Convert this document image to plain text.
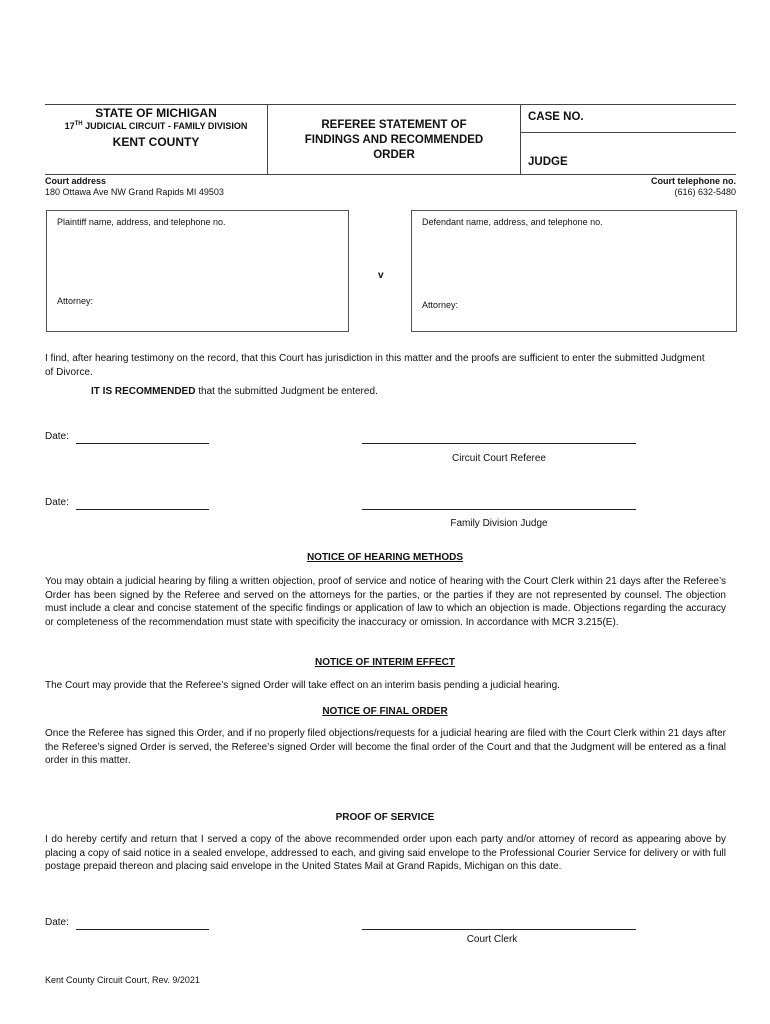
STATE OF MICHIGAN
17TH JUDICIAL CIRCUIT - FAMILY DIVISION
KENT COUNTY
REFEREE STATEMENT OF
FINDINGS AND RECOMMENDED
ORDER
CASE NO.
JUDGE
Court address
180 Ottawa Ave NW Grand Rapids MI 49503
Court telephone no.
(616) 632-5480
Plaintiff name, address, and telephone no.
Attorney:
v
Defendant name, address, and telephone no.
Attorney:
I find, after hearing testimony on the record, that this Court has jurisdiction in this matter and the proofs are sufficient to enter the submitted Judgment of Divorce.
IT IS RECOMMENDED that the submitted Judgment be entered.
Date:
Circuit Court Referee
Date:
Family Division Judge
NOTICE OF HEARING METHODS
You may obtain a judicial hearing by filing a written objection, proof of service and notice of hearing with the Court Clerk within 21 days after the Referee’s Order has been signed by the Referee and served on the attorneys for the parties, or the parties if they are not represented by counsel. The objection must include a clear and concise statement of the specific findings or application of law to which an objection is made. Objections regarding the accuracy or completeness of the recommendation must state with specificity the inaccuracy or omission. In accordance with MCR 3.215(E).
NOTICE OF INTERIM EFFECT
The Court may provide that the Referee’s signed Order will take effect on an interim basis pending a judicial hearing.
NOTICE OF FINAL ORDER
Once the Referee has signed this Order, and if no properly filed objections/requests for a judicial hearing are filed with the Court Clerk within 21 days after the Referee’s signed Order is served, the Referee’s signed Order will become the final order of the Court and that the Judgment will be entered as a final order in this matter.
PROOF OF SERVICE
I do hereby certify and return that I served a copy of the above recommended order upon each party and/or attorney of record as appearing above by placing a copy of said notice in a sealed envelope, addressed to each, and giving said envelope to the Professional Courier Service for delivery or with full postage prepaid thereon and placing said envelope in the United States Mail at Grand Rapids, Michigan on this date.
Date:
Court Clerk
Kent County Circuit Court, Rev. 9/2021
